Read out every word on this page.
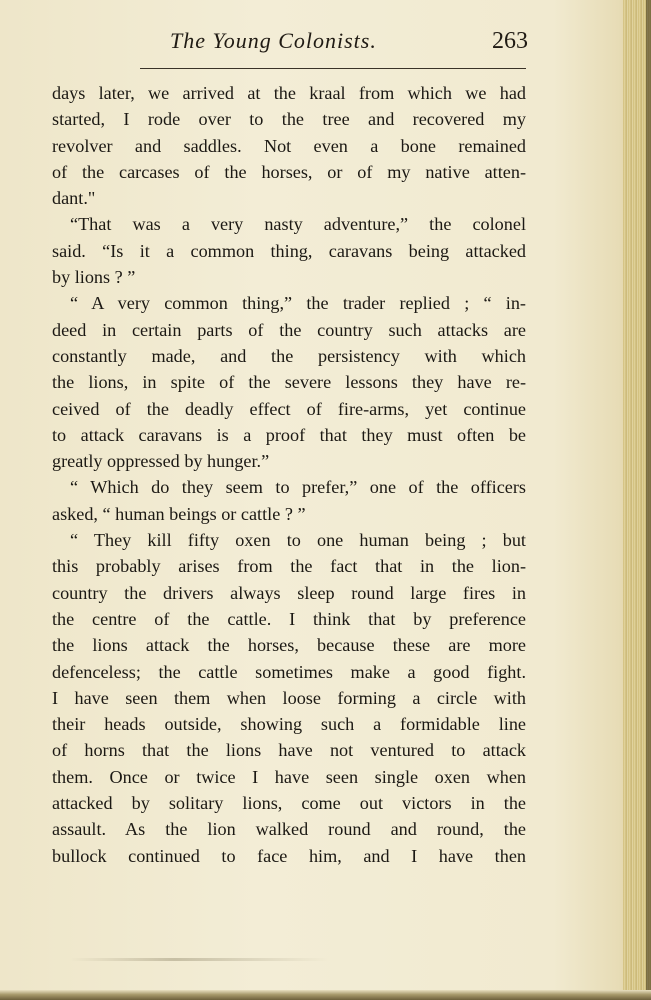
The Young Colonists.	263
days later, we arrived at the kraal from which we had
started, I rode over to the tree and recovered my
revolver and saddles. Not even a bone remained
of the carcases of the horses, or of my native atten-
dant."
“That was a very nasty adventure,” the colonel
said. “Is it a common thing, caravans being attacked
by lions ? ”
“ A very common thing,” the trader replied ; “ in-
deed in certain parts of the country such attacks are
constantly made, and the persistency with which
the lions, in spite of the severe lessons they have re-
ceived of the deadly effect of fire-arms, yet continue
to attack caravans is a proof that they must often be
greatly oppressed by hunger.”
“ Which do they seem to prefer,” one of the officers
asked, “ human beings or cattle ? ”
“ They kill fifty oxen to one human being ; but
this probably arises from the fact that in the lion-
country the drivers always sleep round large fires in
the centre of the cattle. I think that by preference
the lions attack the horses, because these are more
defenceless; the cattle sometimes make a good fight.
I have seen them when loose forming a circle with
their heads outside, showing such a formidable line
of horns that the lions have not ventured to attack
them. Once or twice I have seen single oxen when
attacked by solitary lions, come out victors in the
assault. As the lion walked round and round, the
bullock continued to face him, and I have then
